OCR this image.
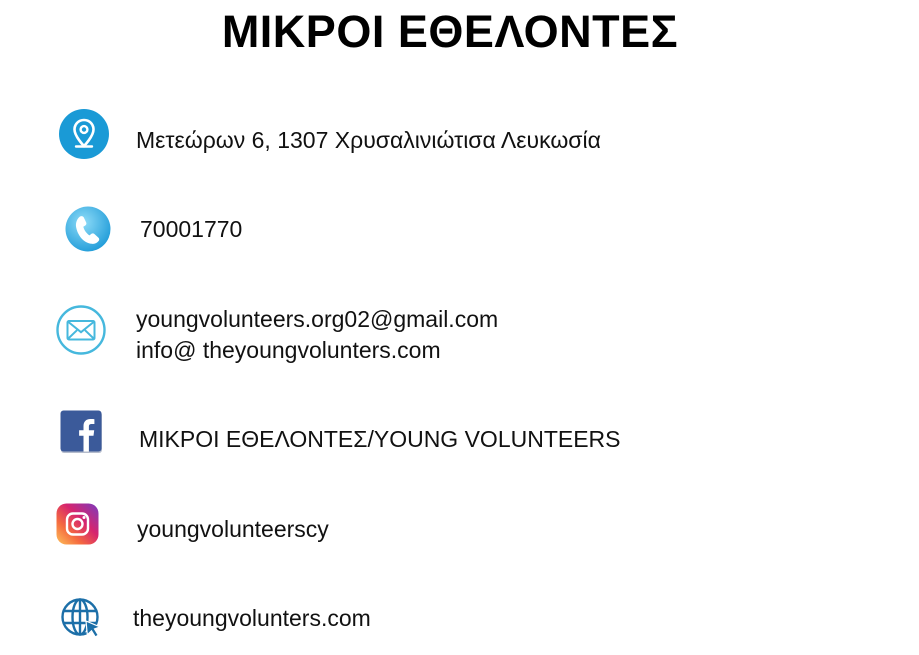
ΜΙΚΡΟΙ ΕΘΕΛΟΝΤΕΣ
Μετεώρων 6, 1307 Χρυσαλινιώτισα Λευκωσία
70001770
youngvolunteers.org02@gmail.com
info@ theyoungvolunters.com
ΜΙΚΡΟΙ ΕΘΕΛΟΝΤΕΣ/YOUNG VOLUNTEERS
youngvolunteerscy
theyoungvolunters.com
